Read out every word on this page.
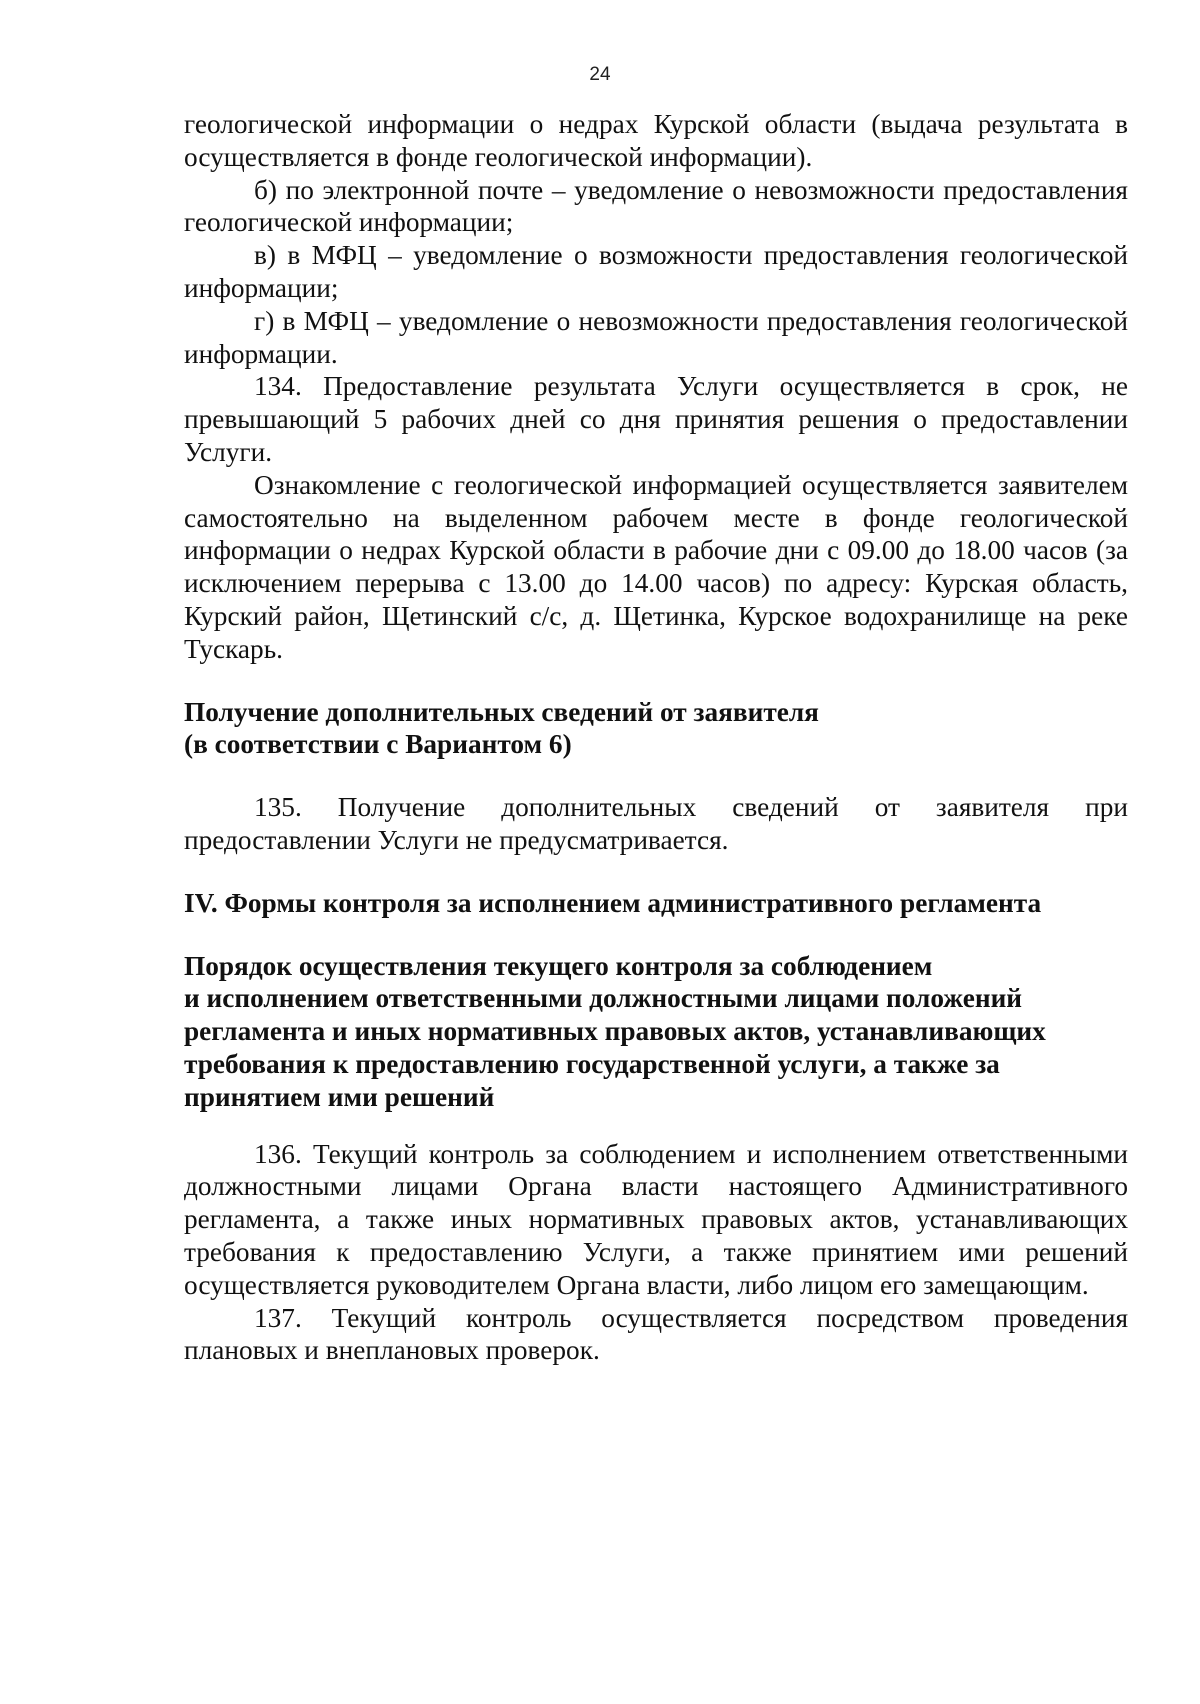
24

геологической информации о недрах Курской области (выдача результата в осуществляется в фонде геологической информации).

б) по электронной почте – уведомление о невозможности предоставления геологической информации;

в) в МФЦ – уведомление о возможности предоставления геологической информации;

г) в МФЦ – уведомление о невозможности предоставления геологической информации.

134. Предоставление результата Услуги осуществляется в срок, не превышающий 5 рабочих дней со дня принятия решения о предоставлении Услуги.

Ознакомление с геологической информацией осуществляется заявителем самостоятельно на выделенном рабочем месте в фонде геологической информации о недрах Курской области в рабочие дни с 09.00 до 18.00 часов (за исключением перерыва с 13.00 до 14.00 часов) по адресу: Курская область, Курский район, Щетинский с/с, д. Щетинка, Курское водохранилище на реке Тускарь.

Получение дополнительных сведений от заявителя

(в соответствии с Вариантом 6)

135. Получение дополнительных сведений от заявителя при предоставлении Услуги не предусматривается.

IV. Формы контроля за исполнением административного регламента

Порядок осуществления текущего контроля за соблюдением

и исполнением ответственными должностными лицами положений

регламента и иных нормативных правовых актов, устанавливающих

требования к предоставлению государственной услуги, а также за

принятием ими решений

136. Текущий контроль за соблюдением и исполнением ответственными должностными лицами Органа власти настоящего Административного регламента, а также иных нормативных правовых актов, устанавливающих требования к предоставлению Услуги, а также принятием ими решений осуществляется руководителем Органа власти, либо лицом его замещающим.

137. Текущий контроль осуществляется посредством проведения плановых и внеплановых проверок.
